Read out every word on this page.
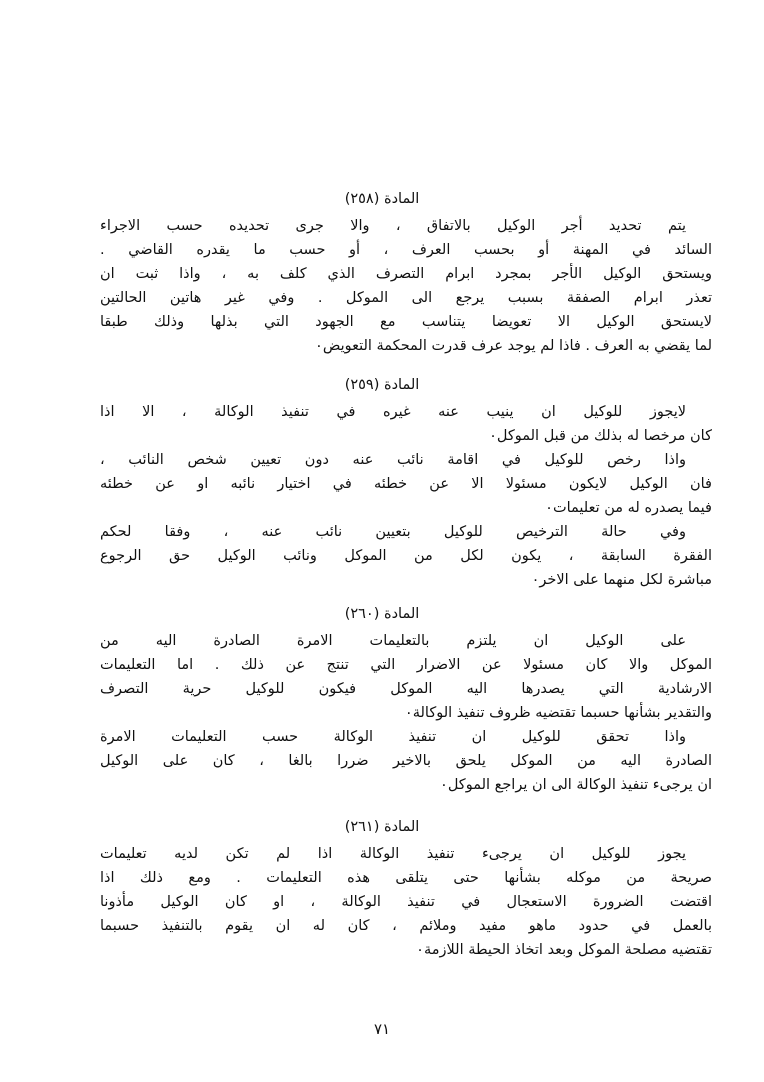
المادة (٢٥٨)
يتم تحديد أجر الوكيل بالاتفاق ، والا جرى تحديده حسب الاجراء
السائد في المهنة أو بحسب العرف ، أو حسب ما يقدره القاضي .
ويستحق الوكيل الأجر بمجرد ابرام التصرف الذي كلف به ، واذا ثبت ان
تعذر ابرام الصفقة بسبب يرجع الى الموكل . وفي غير هاتين الحالتين
لايستحق الوكيل الا تعويضا يتناسب مع الجهود التي بذلها وذلك طبقا
لما يقضي به العرف . فاذا لم يوجد عرف قدرت المحكمة التعويض٠
المادة (٢٥٩)
لايجوز للوكيل ان ينيب عنه غيره في تنفيذ الوكالة ، الا اذا
كان مرخصا له بذلك من قبل الموكل٠
واذا رخص للوكيل في اقامة نائب عنه دون تعيين شخص النائب ،
فان الوكيل لايكون مسئولا الا عن خطئه في اختيار نائبه او عن خطئه
فيما يصدره له من تعليمات٠
وفي حالة الترخيص للوكيل بتعيين نائب عنه ، وفقا لحكم
الفقرة السابقة ، يكون لكل من الموكل ونائب الوكيل حق الرجوع
مباشرة لكل منهما على الاخر٠
المادة (٢٦٠)
على الوكيل ان يلتزم بالتعليمات الامرة الصادرة اليه من
الموكل والا كان مسئولا عن الاضرار التي تنتج عن ذلك . اما التعليمات
الارشادية التي يصدرها اليه الموكل فيكون للوكيل حرية التصرف
والتقدير بشأنها حسبما تقتضيه ظروف تنفيذ الوكالة٠
واذا تحقق للوكيل ان تنفيذ الوكالة حسب التعليمات الامرة
الصادرة اليه من الموكل يلحق بالاخير ضررا بالغا ، كان على الوكيل
ان يرجىء تنفيذ الوكالة الى ان يراجع الموكل٠
المادة (٢٦١)
يجوز للوكيل ان يرجىء تنفيذ الوكالة اذا لم تكن لديه تعليمات
صريحة من موكله بشأنها حتى يتلقى هذه التعليمات . ومع ذلك اذا
اقتضت الضرورة الاستعجال في تنفيذ الوكالة ، او كان الوكيل مأذونا
بالعمل في حدود ماهو مفيد وملائم ، كان له ان يقوم بالتنفيذ حسبما
تقتضيه مصلحة الموكل وبعد اتخاذ الحيطة اللازمة٠
٧١
